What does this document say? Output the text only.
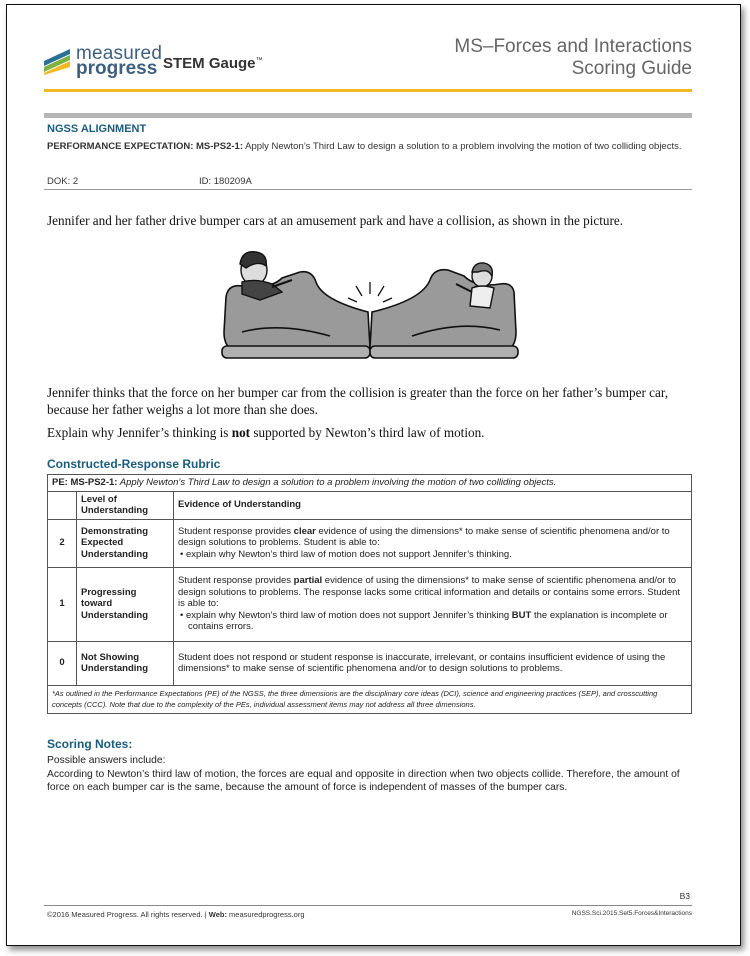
measured
progress STEM Gauge™
MS–Forces and Interactions
Scoring Guide
NGSS ALIGNMENT
PERFORMANCE EXPECTATION: MS-PS2-1: Apply Newton’s Third Law to design a solution to a problem involving the motion of two colliding objects.
DOK: 2	ID: 180209A
Jennifer and her father drive bumper cars at an amusement park and have a collision, as shown in the picture.
Jennifer thinks that the force on her bumper car from the collision is greater than the force on her father’s bumper car, because her father weighs a lot more than she does.
Explain why Jennifer’s thinking is not supported by Newton’s third law of motion.
Constructed-Response Rubric
PE: MS-PS2-1: Apply Newton’s Third Law to design a solution to a problem involving the motion of two colliding objects.		
	Level of Understanding	Evidence of Understanding
2	Demonstrating Expected Understanding	Student response provides clear evidence of using the dimensions* to make sense of scientific phenomena and/or to design solutions to problems. Student is able to:
• explain why Newton’s third law of motion does not support Jennifer’s thinking.

1	Progressing toward Understanding	Student response provides partial evidence of using the dimensions* to make sense of scientific phenomena and/or to design solutions to problems. The response lacks some critical information and details or contains some errors. Student is able to:
• explain why Newton’s third law of motion does not support Jennifer’s thinking BUT the explanation is incomplete or contains errors.

0	Not Showing Understanding	Student does not respond or student response is inaccurate, irrelevant, or contains insufficient evidence of using the dimensions* to make sense of scientific phenomena and/or to design solutions to problems.
*As outlined in the Performance Expectations (PE) of the NGSS, the three dimensions are the disciplinary core ideas (DCI), science and engineering practices (SEP), and crosscutting concepts (CCC). Note that due to the complexity of the PEs, individual assessment items may not address all three dimensions.		
Scoring Notes:
Possible answers include:
According to Newton’s third law of motion, the forces are equal and opposite in direction when two objects collide. Therefore, the amount of force on each bumper car is the same, because the amount of force is independent of masses of the bumper cars.
B3
©2016 Measured Progress. All rights reserved. | Web: measuredprogress.org	NGSS.Sci.2015.Set5.Forces&Interactions
